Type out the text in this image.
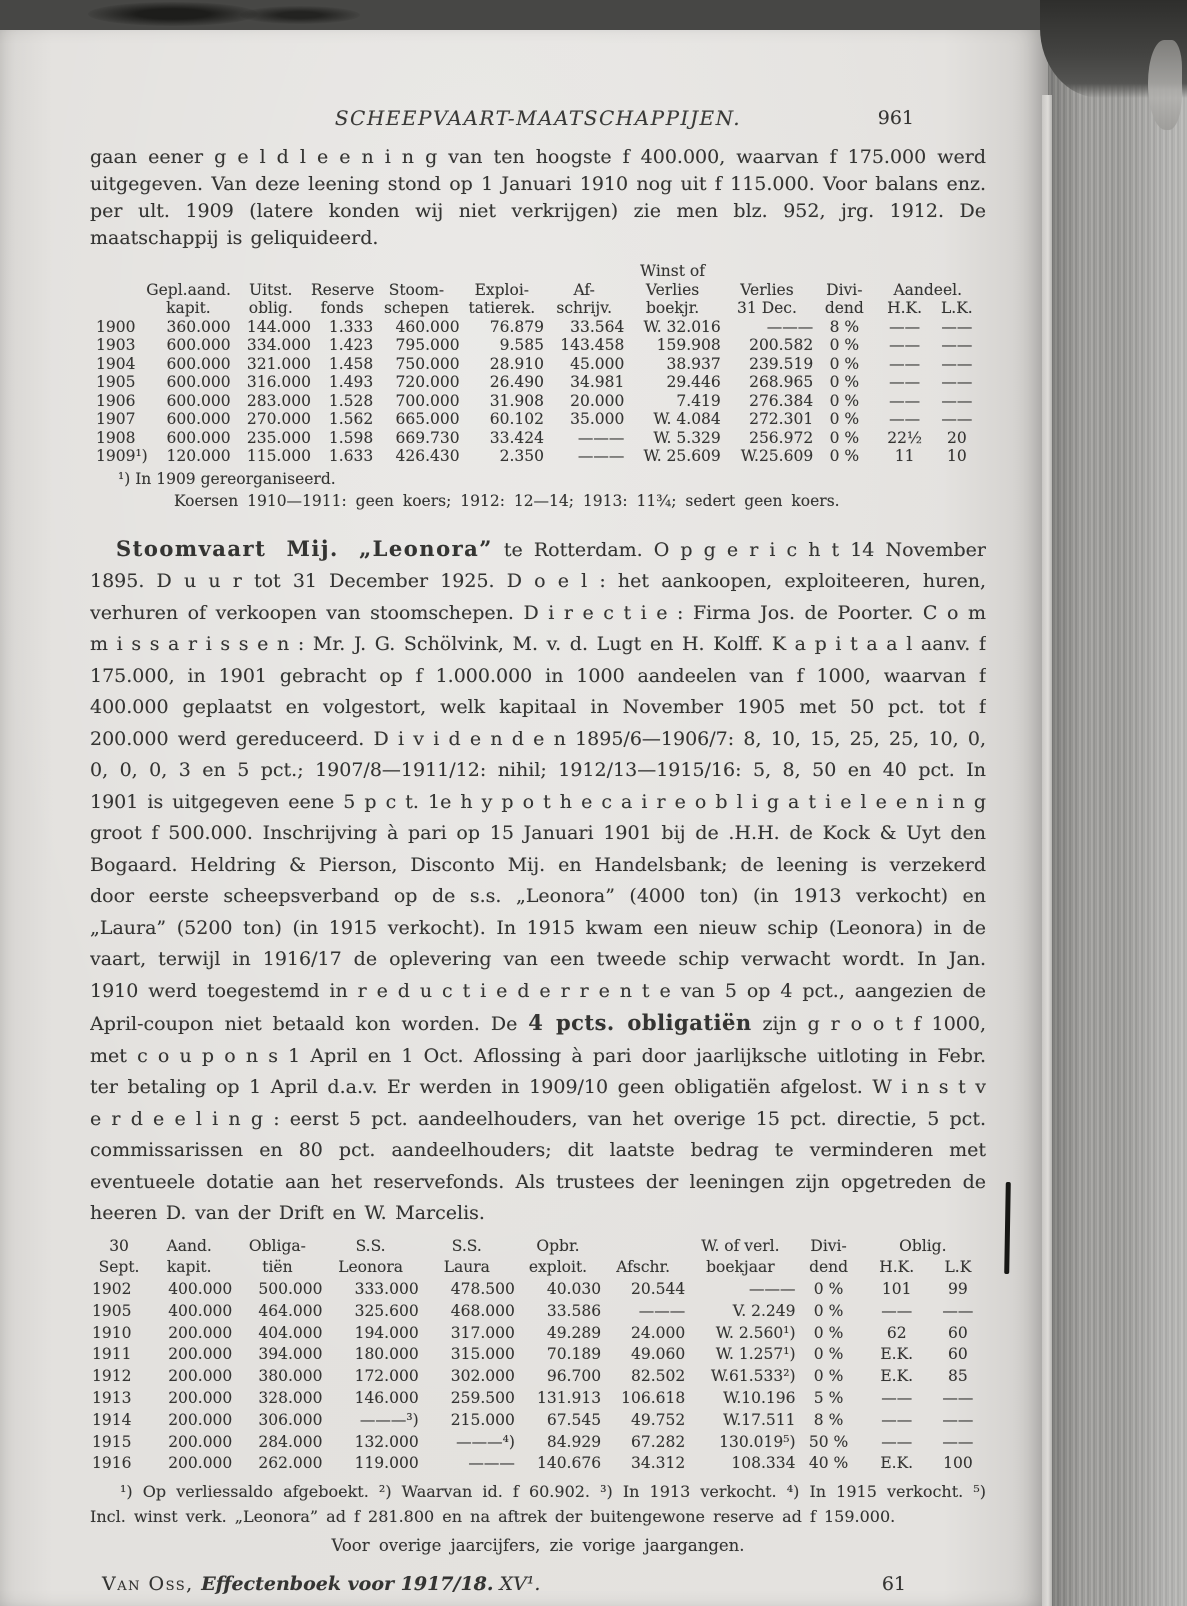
SCHEEPVAART-MAATSCHAPPIJEN.	961

gaan eener g e l d l e e n i n g van ten hoogste f 400.000, waarvan f 175.000 werd uitgegeven. Van deze leening stond op 1 Januari 1910 nog uit f 115.000. Voor balans enz. per ult. 1909 (latere konden wij niet verkrijgen) zie men blz. 952, jrg. 1912. De maatschappij is geliquideerd.

							Winst of				
	Gepl.aand.	Uitst.	Reserve	Stoom-	Exploi-	Af-	Verlies	Verlies	Divi-	Aandeel.	
	kapit.	oblig.	fonds	schepen	tatierek.	schrijv.	boekjr.	31 Dec.	dend	H.K.	L.K.
1900	360.000	144.000	1.333	460.000	76.879	33.564	W. 32.016	———	8 %	——	——
1903	600.000	334.000	1.423	795.000	9.585	143.458	159.908	200.582	0 %	——	——
1904	600.000	321.000	1.458	750.000	28.910	45.000	38.937	239.519	0 %	——	——
1905	600.000	316.000	1.493	720.000	26.490	34.981	29.446	268.965	0 %	——	——
1906	600.000	283.000	1.528	700.000	31.908	20.000	7.419	276.384	0 %	——	——
1907	600.000	270.000	1.562	665.000	60.102	35.000	W. 4.084	272.301	0 %	——	——
1908	600.000	235.000	1.598	669.730	33.424	———	W. 5.329	256.972	0 %	22½	20
1909¹)	120.000	115.000	1.633	426.430	2.350	———	W. 25.609	W.25.609	0 %	11	10
¹) In 1909 gereorganiseerd.
Koersen 1910—1911: geen koers; 1912: 12—14; 1913: 11¾; sedert geen koers.

Stoomvaart Mij. „Leonora” te Rotterdam. O p g e r i c h t 14 November 1895. D u u r tot 31 December 1925. D o e l : het aankoopen, exploiteeren, huren, verhuren of verkoopen van stoomschepen. D i r e c t i e : Firma Jos. de Poorter. C o m m i s s a r i s s e n : Mr. J. G. Schölvink, M. v. d. Lugt en H. Kolff. K a p i t a a l aanv. f 175.000, in 1901 gebracht op f 1.000.000 in 1000 aandeelen van f 1000, waarvan f 400.000 geplaatst en volgestort, welk kapitaal in November 1905 met 50 pct. tot f 200.000 werd gereduceerd. D i v i d e n d e n 1895/6—1906/7: 8, 10, 15, 25, 25, 10, 0, 0, 0, 0, 3 en 5 pct.; 1907/8—1911/12: nihil; 1912/13—1915/16: 5, 8, 50 en 40 pct. In 1901 is uitgegeven eene 5 p c t. 1e h y p o t h e c a i r e o b l i g a t i e l e e n i n g groot f 500.000. Inschrijving à pari op 15 Januari 1901 bij de .H.H. de Kock & Uyt den Bogaard. Heldring & Pierson, Disconto Mij. en Handelsbank; de leening is verzekerd door eerste scheepsverband op de s.s. „Leonora” (4000 ton) (in 1913 verkocht) en „Laura” (5200 ton) (in 1915 verkocht). In 1915 kwam een nieuw schip (Leonora) in de vaart, terwijl in 1916/17 de oplevering van een tweede schip verwacht wordt. In Jan. 1910 werd toegestemd in r e d u c t i e d e r r e n t e van 5 op 4 pct., aangezien de April-coupon niet betaald kon worden. De 4 pcts. obligatiën zijn g r o o t f 1000, met c o u p o n s 1 April en 1 Oct. Aflossing à pari door jaarlijksche uitloting in Febr. ter betaling op 1 April d.a.v. Er werden in 1909/10 geen obligatiën afgelost. W i n s t v e r d e e l i n g : eerst 5 pct. aandeelhouders, van het overige 15 pct. directie, 5 pct. commissarissen en 80 pct. aandeelhouders; dit laatste bedrag te verminderen met eventueele dotatie aan het reservefonds. Als trustees der leeningen zijn opgetreden de heeren D. van der Drift en W. Marcelis.

30	Aand.	Obliga-	S.S.	S.S.	Opbr.		W. of verl.	Divi-	Oblig.	
Sept.	kapit.	tiën	Leonora	Laura	exploit.	Afschr.	boekjaar	dend	H.K.	L.K
1902	400.000	500.000	333.000	478.500	40.030	20.544	———	0 %	101	99
1905	400.000	464.000	325.600	468.000	33.586	———	V. 2.249	0 %	——	——
1910	200.000	404.000	194.000	317.000	49.289	24.000	W. 2.560¹)	0 %	62	60
1911	200.000	394.000	180.000	315.000	70.189	49.060	W. 1.257¹)	0 %	E.K.	60
1912	200.000	380.000	172.000	302.000	96.700	82.502	W.61.533²)	0 %	E.K.	85
1913	200.000	328.000	146.000	259.500	131.913	106.618	W.10.196	5 %	——	——
1914	200.000	306.000	———³)	215.000	67.545	49.752	W.17.511	8 %	——	——
1915	200.000	284.000	132.000	———⁴)	84.929	67.282	130.019⁵)	50 %	——	——
1916	200.000	262.000	119.000	———	140.676	34.312	108.334	40 %	E.K.	100

¹) Op verliessaldo afgeboekt. ²) Waarvan id. f 60.902. ³) In 1913 verkocht. ⁴) In 1915 verkocht. ⁵) Incl. winst verk. „Leonora” ad f 281.800 en na aftrek der buitengewone reserve ad f 159.000.

Voor overige jaarcijfers, zie vorige jaargangen.

Van Oss, Effectenboek voor 1917/18. XV¹.	61
